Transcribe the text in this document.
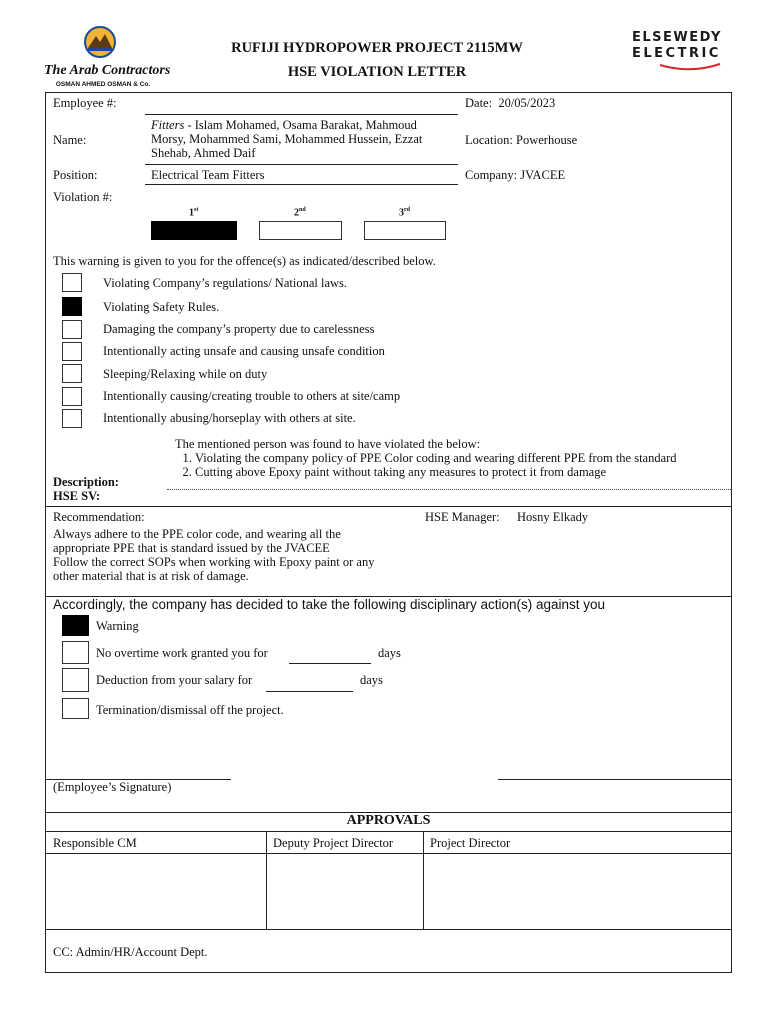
The Arab Contractors
OSMAN AHMED OSMAN & Co.
RUFIJI HYDROPOWER PROJECT 2115MW
HSE VIOLATION LETTER
ELSEWEDY
ELECTRIC
Employee #:	Date: 20/05/2023
Name:
Fitters - Islam Mohamed, Osama Barakat, Mahmoud Morsy, Mohammed Sami, Mohammed Hussein, Ezzat Shehab, Ahmed Daif
Location: Powerhouse
Position:	Electrical Team Fitters	Company: JVACEE
Violation #:
1st	2nd	3rd
This warning is given to you for the offence(s) as indicated/described below.
Violating Company’s regulations/ National laws.
Violating Safety Rules.
Damaging the company’s property due to carelessness
Intentionally acting unsafe and causing unsafe condition
Sleeping/Relaxing while on duty
Intentionally causing/creating trouble to others at site/camp
Intentionally abusing/horseplay with others at site.
The mentioned person was found to have violated the below:
1. Violating the company policy of PPE Color coding and wearing different PPE from the standard
2. Cutting above Epoxy paint without taking any measures to protect it from damage
Description:
HSE SV:
Recommendation:	HSE Manager: Hosny Elkady
Always adhere to the PPE color code, and wearing all the
appropriate PPE that is standard issued by the JVACEE
Follow the correct SOPs when working with Epoxy paint or any
other material that is at risk of damage.
Accordingly, the company has decided to take the following disciplinary action(s) against you
Warning
No overtime work granted you for	days
Deduction from your salary for	days
Termination/dismissal off the project.
(Employee’s Signature)
APPROVALS
Responsible CM	Deputy Project Director	Project Director
CC: Admin/HR/Account Dept.
